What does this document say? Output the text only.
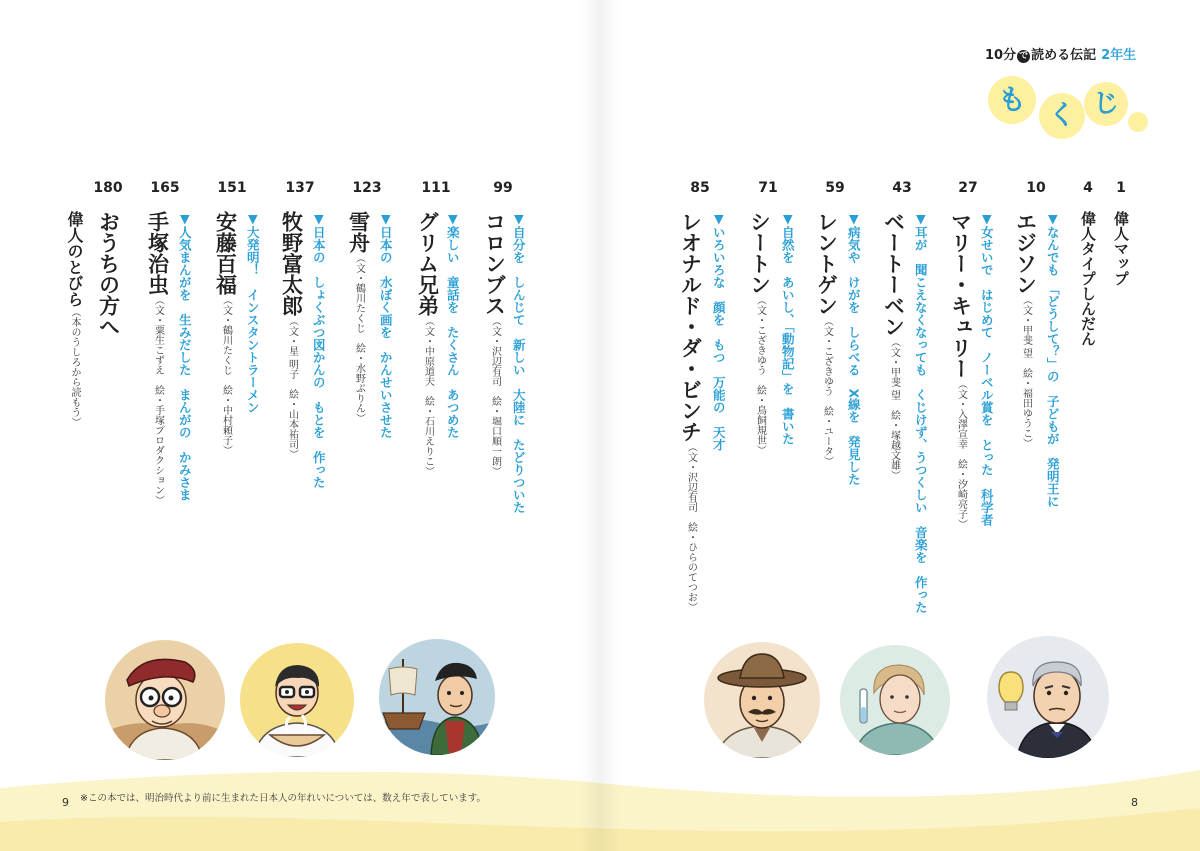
10分 で 読める伝記 2年生
も く じ
1
偉人マップ
4
偉人タイプしんだん
10
▼なんでも　「どうして？」の　子どもが　発明王に
エジソン（文・甲斐 望　絵・福田ゆうこ）
27
▼女せいで　はじめて　ノーベル賞を　とった　科学者
マリー・キュリー（文・入澤宣幸　絵・汐崎亮子）
43
▼耳が　聞こえなくなっても　くじけず、うつくしい　音楽を　作った
ベートーベン（文・甲斐 望　絵・塚越文雄）
59
▼病気や　けがを　しらべる　X線を　発見した
レントゲン（文・こざきゆう　絵・ユータ）
71
▼自然を　あいし、「動物記」を　書いた
シートン（文・こざきゆう　絵・鳥飼規世）
85
▼いろいろな　顔を　もつ　万能の　天才
レオナルド・ダ・ビンチ（文・沢辺有司　絵・ひらのてつお）
99
▼自分を　しんじて　新しい　大陸に　たどりついた
コロンブス（文・沢辺有司　絵・堀口順一朗）
111
▼楽しい　童話を　たくさん　あつめた
グリム兄弟（文・中原道夫　絵・石川えりこ）
123
▼日本の　水ぼく画を　かんせいさせた
雪舟（文・鶴川たくじ　絵・水野ぷりん）
137
▼日本の　しょくぶつ図かんの　もとを　作った
牧野富太郎（文・星 明子　絵・山本祐司）
151
▼大発明！　インスタントラーメン
安藤百福（文・鶴川たくじ　絵・中村頼子）
165
▼人気まんがを　生みだした　まんがの　かみさま
手塚治虫（文・粟生こずえ　絵・手塚プロダクション）
180
おうちの方へ
偉人のとびら（本のうしろから読もう）
※この本では、明治時代より前に生まれた日本人の年れいについては、数え年で表しています。
9	8
